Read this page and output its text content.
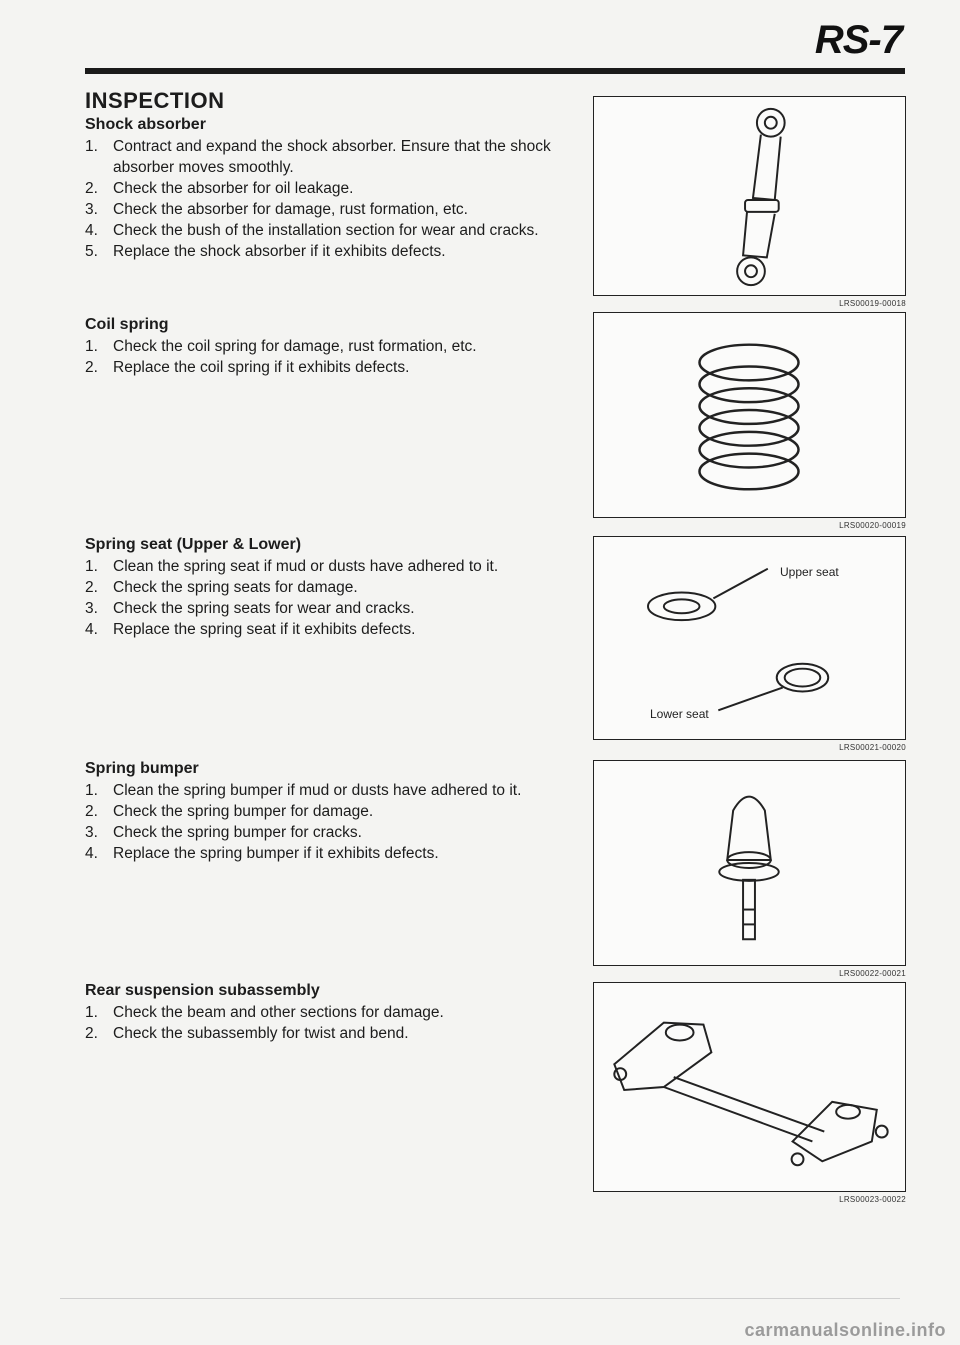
RS-7
INSPECTION
Shock absorber
1. Contract and expand the shock absorber. Ensure that the shock absorber moves smoothly.
2. Check the absorber for oil leakage.
3. Check the absorber for damage, rust formation, etc.
4. Check the bush of the installation section for wear and cracks.
5. Replace the shock absorber if it exhibits defects.
Coil spring
1. Check the coil spring for damage, rust formation, etc.
2. Replace the coil spring if it exhibits defects.
Spring seat (Upper & Lower)
1. Clean the spring seat if mud or dusts have adhered to it.
2. Check the spring seats for damage.
3. Check the spring seats for wear and cracks.
4. Replace the spring seat if it exhibits defects.
Spring bumper
1. Clean the spring bumper if mud or dusts have adhered to it.
2. Check the spring bumper for damage.
3. Check the spring bumper for cracks.
4. Replace the spring bumper if it exhibits defects.
Rear suspension subassembly
1. Check the beam and other sections for damage.
2. Check the subassembly for twist and bend.
LRS00019-00018
LRS00020-00019
Upper seat
Lower seat
LRS00021-00020
LRS00022-00021
LRS00023-00022
carmanualsonline.info
